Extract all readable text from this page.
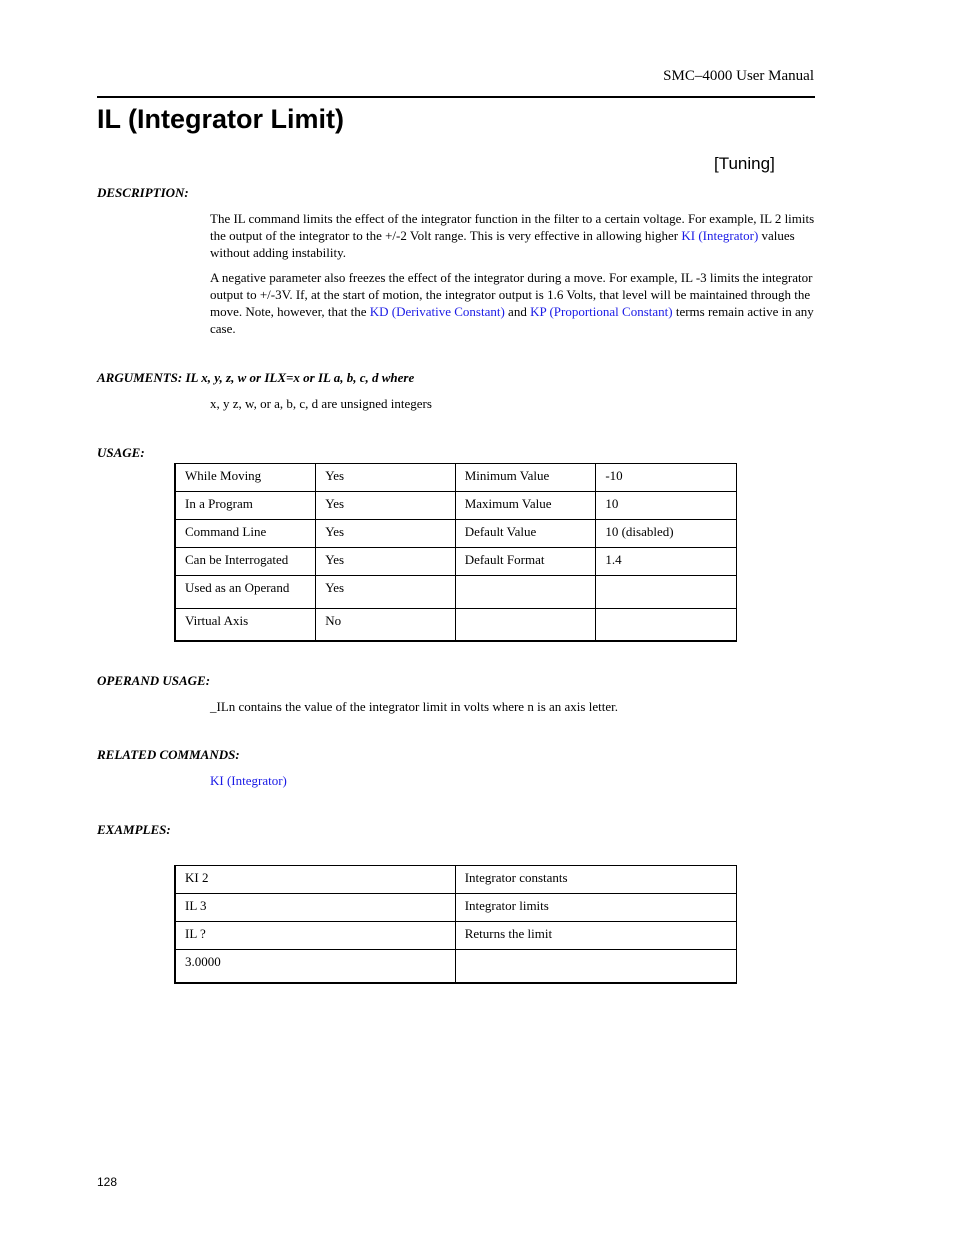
SMC–4000 User Manual
IL (Integrator Limit)
[Tuning]
DESCRIPTION:

The IL command limits the effect of the integrator function in the filter to a certain voltage. For example, IL 2 limits the output of the integrator to the +/-2 Volt range. This is very effective in allowing higher KI (Integrator) values without adding instability.

A negative parameter also freezes the effect of the integrator during a move. For example, IL -3 limits the integrator output to +/-3V. If, at the start of motion, the integrator output is 1.6 Volts, that level will be maintained through the move. Note, however, that the KD (Derivative Constant) and KP (Proportional Constant) terms remain active in any case.

ARGUMENTS: IL x, y, z, w or ILX=x or IL a, b, c, d where
x, y z, w, or a, b, c, d are unsigned integers
USAGE:
While Moving	Yes	Minimum Value	-10
In a Program	Yes	Maximum Value	10
Command Line	Yes	Default Value	10 (disabled)
Can be Interrogated	Yes	Default Format	1.4
Used as an Operand	Yes		
Virtual Axis	No		
OPERAND USAGE:
_ILn contains the value of the integrator limit in volts where n is an axis letter.
RELATED COMMANDS:
KI (Integrator)
EXAMPLES:
KI 2	Integrator constants
IL 3	Integrator limits
IL ?	Returns the limit
3.0000	
128
